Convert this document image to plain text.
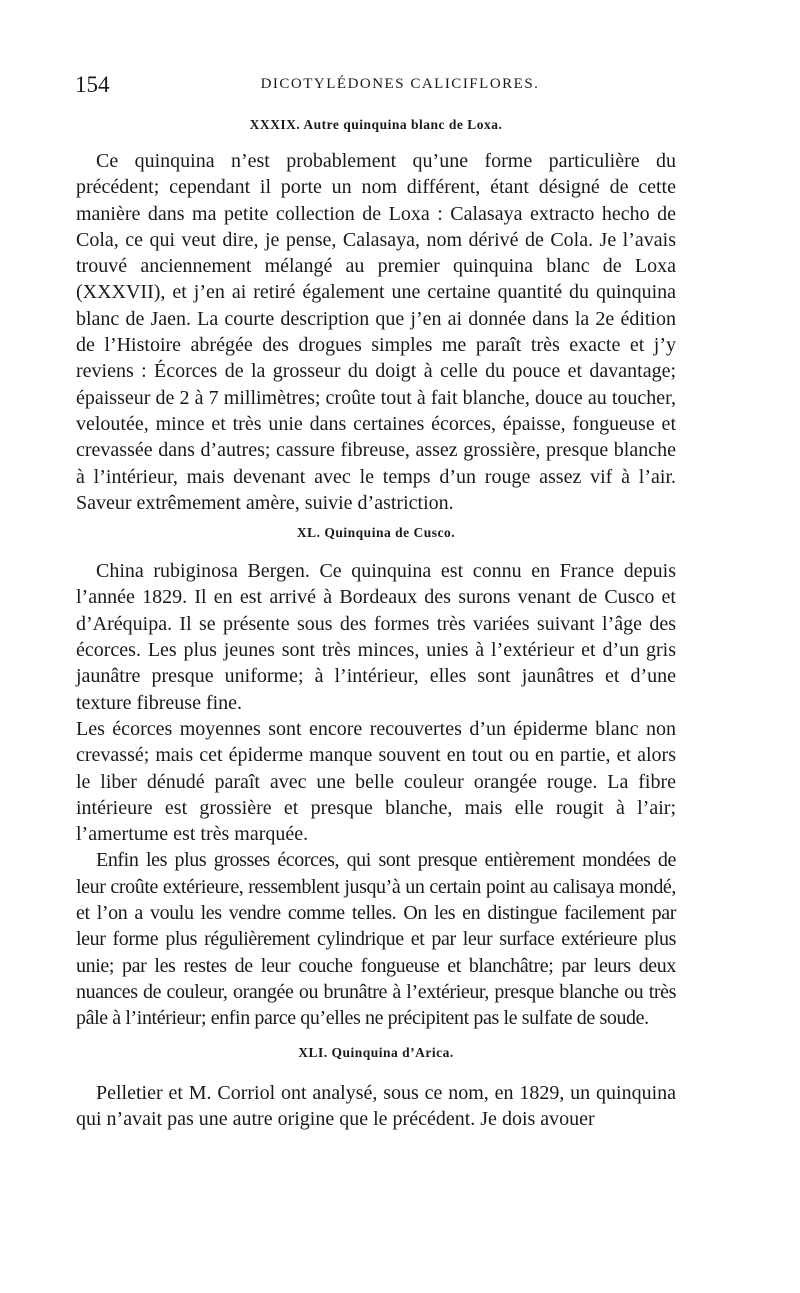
154	DICOTYLÉDONES CALICIFLORES.
XXXIX. Autre quinquina blanc de Loxa.

Ce quinquina n’est probablement qu’une forme particulière du précédent; cependant il porte un nom différent, étant désigné de cette manière dans ma petite collection de Loxa : Calasaya extracto hecho de Cola, ce qui veut dire, je pense, Calasaya, nom dérivé de Cola. Je l’avais trouvé anciennement mélangé au premier quinquina blanc de Loxa (XXXVII), et j’en ai retiré également une certaine quantité du quinquina blanc de Jaen. La courte description que j’en ai donnée dans la 2e édition de l’Histoire abrégée des drogues simples me paraît très exacte et j’y reviens : Écorces de la grosseur du doigt à celle du pouce et davantage; épaisseur de 2 à 7 millimètres; croûte tout à fait blanche, douce au toucher, veloutée, mince et très unie dans certaines écorces, épaisse, fongueuse et crevassée dans d’autres; cassure fibreuse, assez grossière, presque blanche à l’intérieur, mais devenant avec le temps d’un rouge assez vif à l’air. Saveur extrêmement amère, suivie d’astriction.

XL. Quinquina de Cusco.

China rubiginosa Bergen. Ce quinquina est connu en France depuis l’année 1829. Il en est arrivé à Bordeaux des surons venant de Cusco et d’Aréquipa. Il se présente sous des formes très variées suivant l’âge des écorces. Les plus jeunes sont très minces, unies à l’extérieur et d’un gris jaunâtre presque uniforme; à l’intérieur, elles sont jaunâtres et d’une texture fibreuse fine.

Les écorces moyennes sont encore recouvertes d’un épiderme blanc non crevassé; mais cet épiderme manque souvent en tout ou en partie, et alors le liber dénudé paraît avec une belle couleur orangée rouge. La fibre intérieure est grossière et presque blanche, mais elle rougit à l’air; l’amertume est très marquée.

Enfin les plus grosses écorces, qui sont presque entièrement mondées de leur croûte extérieure, ressemblent jusqu’à un certain point au calisaya mondé, et l’on a voulu les vendre comme telles. On les en distingue facilement par leur forme plus régulièrement cylindrique et par leur surface extérieure plus unie; par les restes de leur couche fongueuse et blanchâtre; par leurs deux nuances de couleur, orangée ou brunâtre à l’extérieur, presque blanche ou très pâle à l’intérieur; enfin parce qu’elles ne précipitent pas le sulfate de soude.

XLI. Quinquina d’Arica.

Pelletier et M. Corriol ont analysé, sous ce nom, en 1829, un quinquina qui n’avait pas une autre origine que le précédent. Je dois avouer
